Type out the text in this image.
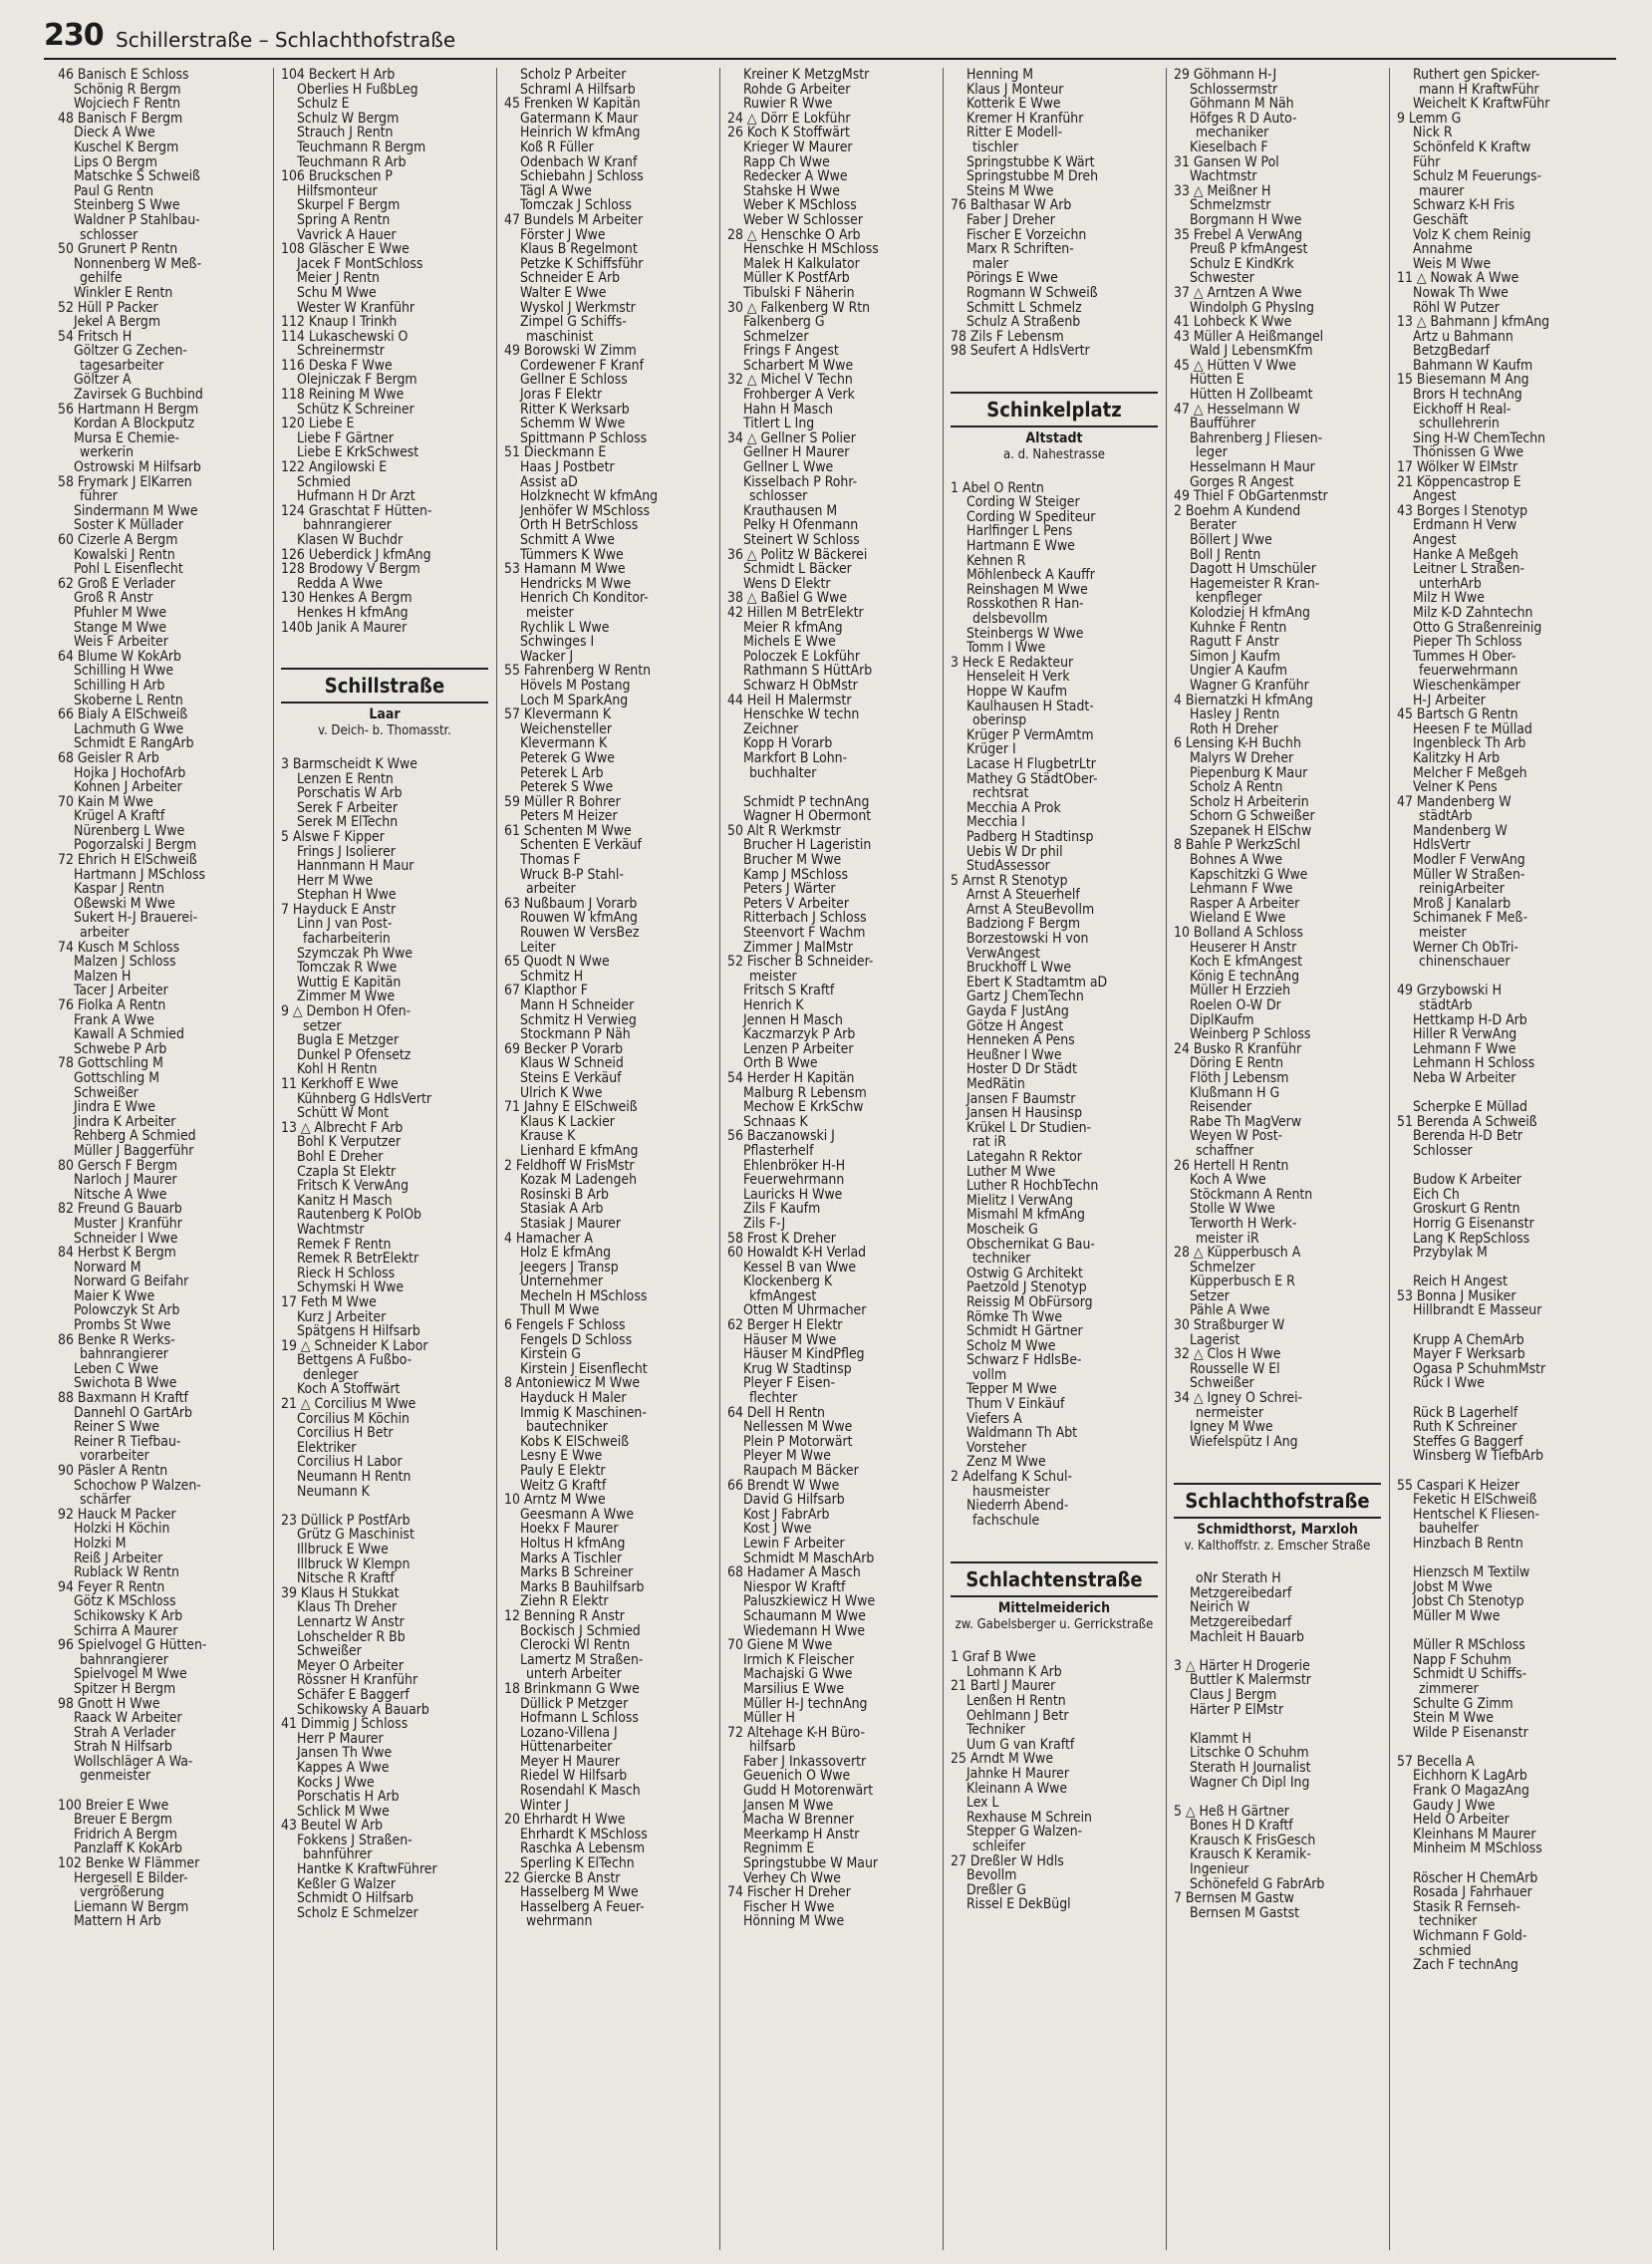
230 Schillerstraße – Schlachthofstraße
46 Banisch E Schloss
Schönig R Bergm
Wojciech F Rentn
48 Banisch F Bergm
Dieck A Wwe
Kuschel K Bergm
Lips O Bergm
Matschke S Schweiß
Paul G Rentn
Steinberg S Wwe
Waldner P Stahlbau-
schlosser
50 Grunert P Rentn
Nonnenberg W Meß-
gehilfe
Winkler E Rentn
52 Hüll P Packer
Jekel A Bergm
54 Fritsch H
Göltzer G Zechen-
tagesarbeiter
Göltzer A
Zavirsek G Buchbind
56 Hartmann H Bergm
Kordan A Blockputz
Mursa E Chemie-
werkerin
Ostrowski M Hilfsarb
58 Frymark J ElKarren
führer
Sindermann M Wwe
Soster K Müllader
60 Cizerle A Bergm
Kowalski J Rentn
Pohl L Eisenflecht
62 Groß E Verlader
Groß R Anstr
Pfuhler M Wwe
Stange M Wwe
Weis F Arbeiter
64 Blume W KokArb
Schilling H Wwe
Schilling H Arb
Skoberne L Rentn
66 Bialy A ElSchweiß
Lachmuth G Wwe
Schmidt E RangArb
68 Geisler R Arb
Hojka J HochofArb
Kohnen J Arbeiter
70 Kain M Wwe
Krügel A Kraftf
Nürenberg L Wwe
Pogorzalski J Bergm
72 Ehrich H ElSchweiß
Hartmann J MSchloss
Kaspar J Rentn
Oßewski M Wwe
Sukert H-J Brauerei-
arbeiter
74 Kusch M Schloss
Malzen J Schloss
Malzen H
Tacer J Arbeiter
76 Fiolka A Rentn
Frank A Wwe
Kawall A Schmied
Schwebe P Arb
78 Gottschling M
Gottschling M
Schweißer
Jindra E Wwe
Jindra K Arbeiter
Rehberg A Schmied
Müller J Baggerführ
80 Gersch F Bergm
Narloch J Maurer
Nitsche A Wwe
82 Freund G Bauarb
Muster J Kranführ
Schneider I Wwe
84 Herbst K Bergm
Norward M
Norward G Beifahr
Maier K Wwe
Polowczyk St Arb
Prombs St Wwe
86 Benke R Werks-
bahnrangierer
Leben C Wwe
Swichota B Wwe
88 Baxmann H Kraftf
Dannehl O GartArb
Reiner S Wwe
Reiner R Tiefbau-
vorarbeiter
90 Päsler A Rentn
Schochow P Walzen-
schärfer
92 Hauck M Packer
Holzki H Köchin
Holzki M
Reiß J Arbeiter
Rublack W Rentn
94 Feyer R Rentn
Götz K MSchloss
Schikowsky K Arb
Schirra A Maurer
96 Spielvogel G Hütten-
bahnrangierer
Spielvogel M Wwe
Spitzer H Bergm
98 Gnott H Wwe
Raack W Arbeiter
Strah A Verlader
Strah N Hilfsarb
Wollschläger A Wa-
genmeister
100 Breier E Wwe
Breuer E Bergm
Fridrich A Bergm
Panzlaff K KokArb
102 Benke W Flämmer
Hergesell E Bilder-
vergrößerung
Liemann W Bergm
Mattern H Arb
104 Beckert H Arb
Oberlies H FußbLeg
Schulz E
Schulz W Bergm
Strauch J Rentn
Teuchmann R Bergm
Teuchmann R Arb
106 Bruckschen P
Hilfsmonteur
Skurpel F Bergm
Spring A Rentn
Vavrick A Hauer
108 Gläscher E Wwe
Jacek F MontSchloss
Meier J Rentn
Schu M Wwe
Wester W Kranführ
112 Knaup I Trinkh
114 Lukaschewski O
Schreinermstr
116 Deska F Wwe
Olejniczak F Bergm
118 Reining M Wwe
Schütz K Schreiner
120 Liebe E
Liebe F Gärtner
Liebe E KrkSchwest
122 Angilowski E
Schmied
Hufmann H Dr Arzt
124 Graschtat F Hütten-
bahnrangierer
Klasen W Buchdr
126 Ueberdick J kfmAng
128 Brodowy V Bergm
Redda A Wwe
130 Henkes A Bergm
Henkes H kfmAng
140b Janik A Maurer
Schillstraße
Laar
v. Deich- b. Thomasstr.
3 Barmscheidt K Wwe
Lenzen E Rentn
Porschatis W Arb
Serek F Arbeiter
Serek M ElTechn
5 Alswe F Kipper
Frings J Isolierer
Hannmann H Maur
Herr M Wwe
Stephan H Wwe
7 Hayduck E Anstr
Linn J van Post-
facharbeiterin
Szymczak Ph Wwe
Tomczak R Wwe
Wuttig E Kapitän
Zimmer M Wwe
9 △ Dembon H Ofen-
setzer
Bugla E Metzger
Dunkel P Ofensetz
Kohl H Rentn
11 Kerkhoff E Wwe
Kühnberg G HdlsVertr
Schütt W Mont
13 △ Albrecht F Arb
Bohl K Verputzer
Bohl E Dreher
Czapla St Elektr
Fritsch K VerwAng
Kanitz H Masch
Rautenberg K PolOb
Wachtmstr
Remek F Rentn
Remek R BetrElektr
Rieck H Schloss
Schymski H Wwe
17 Feth M Wwe
Kurz J Arbeiter
Spätgens H Hilfsarb
19 △ Schneider K Labor
Bettgens A Fußbo-
denleger
Koch A Stoffwärt
21 △ Corcilius M Wwe
Corcilius M Köchin
Corcilius H Betr
Elektriker
Corcilius H Labor
Neumann H Rentn
Neumann K
23 Düllick P PostfArb
Grütz G Maschinist
Illbruck E Wwe
Illbruck W Klempn
Nitsche R Kraftf
39 Klaus H Stukkat
Klaus Th Dreher
Lennartz W Anstr
Lohschelder R Bb
Schweißer
Meyer O Arbeiter
Rössner H Kranführ
Schäfer E Baggerf
Schikowsky A Bauarb
41 Dimmig J Schloss
Herr P Maurer
Jansen Th Wwe
Kappes A Wwe
Kocks J Wwe
Porschatis H Arb
Schlick M Wwe
43 Beutel W Arb
Fokkens J Straßen-
bahnführer
Hantke K KraftwFührer
Keßler G Walzer
Schmidt O Hilfsarb
Scholz E Schmelzer
Scholz P Arbeiter
Schraml A Hilfsarb
45 Frenken W Kapitän
Gatermann K Maur
Heinrich W kfmAng
Koß R Füller
Odenbach W Kranf
Schiebahn J Schloss
Tägl A Wwe
Tomczak J Schloss
47 Bundels M Arbeiter
Förster J Wwe
Klaus B Regelmont
Petzke K Schiffsführ
Schneider E Arb
Walter E Wwe
Wyskol J Werkmstr
Zimpel G Schiffs-
maschinist
49 Borowski W Zimm
Cordewener F Kranf
Gellner E Schloss
Joras F Elektr
Ritter K Werksarb
Schemm W Wwe
Spittmann P Schloss
51 Dieckmann E
Haas J Postbetr
Assist aD
Holzknecht W kfmAng
Jenhöfer W MSchloss
Orth H BetrSchloss
Schmitt A Wwe
Tümmers K Wwe
53 Hamann M Wwe
Hendricks M Wwe
Henrich Ch Konditor-
meister
Rychlik L Wwe
Schwinges I
Wacker J
55 Fahrenberg W Rentn
Hövels M Postang
Loch M SparkAng
57 Klevermann K
Weichensteller
Klevermann K
Peterek G Wwe
Peterek L Arb
Peterek S Wwe
59 Müller R Bohrer
Peters M Heizer
61 Schenten M Wwe
Schenten E Verkäuf
Thomas F
Wruck B-P Stahl-
arbeiter
63 Nußbaum J Vorarb
Rouwen W kfmAng
Rouwen W VersBez
Leiter
65 Quodt N Wwe
Schmitz H
67 Klapthor F
Mann H Schneider
Schmitz H Verwieg
Stockmann P Näh
69 Becker P Vorarb
Klaus W Schneid
Steins E Verkäuf
Ulrich K Wwe
71 Jahny E ElSchweiß
Klaus K Lackier
Krause K
Lienhard E kfmAng
2 Feldhoff W FrisMstr
Kozak M Ladengeh
Rosinski B Arb
Stasiak A Arb
Stasiak J Maurer
4 Hamacher A
Holz E kfmAng
Jeegers J Transp
Unternehmer
Mecheln H MSchloss
Thull M Wwe
6 Fengels F Schloss
Fengels D Schloss
Kirstein G
Kirstein J Eisenflecht
8 Antoniewicz M Wwe
Hayduck H Maler
Immig K Maschinen-
bautechniker
Kobs K ElSchweiß
Lesny E Wwe
Pauly E Elektr
Weitz G Kraftf
10 Arntz M Wwe
Geesmann A Wwe
Hoekx F Maurer
Holtus H kfmAng
Marks A Tischler
Marks B Schreiner
Marks B Bauhilfsarb
Ziehn R Elektr
12 Benning R Anstr
Bockisch J Schmied
Clerocki Wl Rentn
Lamertz M Straßen-
unterh Arbeiter
18 Brinkmann G Wwe
Düllick P Metzger
Hofmann L Schloss
Lozano-Villena J
Hüttenarbeiter
Meyer H Maurer
Riedel W Hilfsarb
Rosendahl K Masch
Winter J
20 Ehrhardt H Wwe
Ehrhardt K MSchloss
Raschka A Lebensm
Sperling K ElTechn
22 Giercke B Anstr
Hasselberg M Wwe
Hasselberg A Feuer-
wehrmann
Kreiner K MetzgMstr
Rohde G Arbeiter
Ruwier R Wwe
24 △ Dörr E Lokführ
26 Koch K Stoffwärt
Krieger W Maurer
Rapp Ch Wwe
Redecker A Wwe
Stahske H Wwe
Weber K MSchloss
Weber W Schlosser
28 △ Henschke O Arb
Henschke H MSchloss
Malek H Kalkulator
Müller K PostfArb
Tibulski F Näherin
30 △ Falkenberg W Rtn
Falkenberg G
Schmelzer
Frings F Angest
Scharbert M Wwe
32 △ Michel V Techn
Frohberger A Verk
Hahn H Masch
Titlert L Ing
34 △ Gellner S Polier
Gellner H Maurer
Gellner L Wwe
Kisselbach P Rohr-
schlosser
Krauthausen M
Pelky H Ofenmann
Steinert W Schloss
36 △ Politz W Bäckerei
Schmidt L Bäcker
Wens D Elektr
38 △ Baßiel G Wwe
42 Hillen M BetrElektr
Meier R kfmAng
Michels E Wwe
Poloczek E Lokführ
Rathmann S HüttArb
Schwarz H ObMstr
44 Heil H Malermstr
Henschke W techn
Zeichner
Kopp H Vorarb
Markfort B Lohn-
buchhalter
Schmidt P technAng
Wagner H Obermont
50 Alt R Werkmstr
Brucher H Lageristin
Brucher M Wwe
Kamp J MSchloss
Peters J Wärter
Peters V Arbeiter
Ritterbach J Schloss
Steenvort F Wachm
Zimmer J MalMstr
52 Fischer B Schneider-
meister
Fritsch S Kraftf
Henrich K
Jennen H Masch
Kaczmarzyk P Arb
Lenzen P Arbeiter
Orth B Wwe
54 Herder H Kapitän
Malburg R Lebensm
Mechow E KrkSchw
Schnaas K
56 Baczanowski J
Pflasterhelf
Ehlenbröker H-H
Feuerwehrmann
Lauricks H Wwe
Zils F Kaufm
Zils F-J
58 Frost K Dreher
60 Howaldt K-H Verlad
Kessel B van Wwe
Klockenberg K
kfmAngest
Otten M Uhrmacher
62 Berger H Elektr
Häuser M Wwe
Häuser M KindPfleg
Krug W Stadtinsp
Pleyer F Eisen-
flechter
64 Dell H Rentn
Nellessen M Wwe
Plein P Motorwärt
Pleyer M Wwe
Raupach M Bäcker
66 Brendt W Wwe
David G Hilfsarb
Kost J FabrArb
Kost J Wwe
Lewin F Arbeiter
Schmidt M MaschArb
68 Hadamer A Masch
Niespor W Kraftf
Paluszkiewicz H Wwe
Schaumann M Wwe
Wiedemann H Wwe
70 Giene M Wwe
Irmich K Fleischer
Machajski G Wwe
Marsilius E Wwe
Müller H-J technAng
Müller H
72 Altehage K-H Büro-
hilfsarb
Faber J Inkassovertr
Geuenich O Wwe
Gudd H Motorenwärt
Jansen M Wwe
Macha W Brenner
Meerkamp H Anstr
Regnimm E
Springstubbe W Maur
Verhey Ch Wwe
74 Fischer H Dreher
Fischer H Wwe
Hönning M Wwe
Henning M
Klaus J Monteur
Kotterik E Wwe
Kremer H Kranführ
Ritter E Modell-
tischler
Springstubbe K Wärt
Springstubbe M Dreh
Steins M Wwe
76 Balthasar W Arb
Faber J Dreher
Fischer E Vorzeichn
Marx R Schriften-
maler
Pörings E Wwe
Rogmann W Schweiß
Schmitt L Schmelz
Schulz A Straßenb
78 Zils F Lebensm
98 Seufert A HdlsVertr
Schinkelplatz
Altstadt
a. d. Nahestrasse
1 Abel O Rentn
Cording W Steiger
Cording W Spediteur
Harlfinger L Pens
Hartmann E Wwe
Kehnen R
Möhlenbeck A Kauffr
Reinshagen M Wwe
Rosskothen R Han-
delsbevollm
Steinbergs W Wwe
Tomm I Wwe
3 Heck E Redakteur
Henseleit H Verk
Hoppe W Kaufm
Kaulhausen H Stadt-
oberinsp
Krüger P VermAmtm
Krüger I
Lacase H FlugbetrLtr
Mathey G StädtOber-
rechtsrat
Mecchia A Prok
Mecchia I
Padberg H Stadtinsp
Uebis W Dr phil
StudAssessor
5 Arnst R Stenotyp
Arnst A Steuerhelf
Arnst A SteuBevollm
Badziong F Bergm
Borzestowski H von
VerwAngest
Bruckhoff L Wwe
Ebert K Stadtamtm aD
Gartz J ChemTechn
Gayda F JustAng
Götze H Angest
Henneken A Pens
Heußner I Wwe
Hoster D Dr Städt
MedRätin
Jansen F Baumstr
Jansen H Hausinsp
Krükel L Dr Studien-
rat iR
Lategahn R Rektor
Luther M Wwe
Luther R HochbTechn
Mielitz I VerwAng
Mismahl M kfmAng
Moscheik G
Obschernikat G Bau-
techniker
Ostwig G Architekt
Paetzold J Stenotyp
Reissig M ObFürsorg
Römke Th Wwe
Schmidt H Gärtner
Scholz M Wwe
Schwarz F HdlsBe-
vollm
Tepper M Wwe
Thum V Einkäuf
Viefers A
Waldmann Th Abt
Vorsteher
Zenz M Wwe
2 Adelfang K Schul-
hausmeister
Niederrh Abend-
fachschule
Schlachtenstraße
Mittelmeiderich
zw. Gabelsberger u. Gerrickstraße
1 Graf B Wwe
Lohmann K Arb
21 Bartl J Maurer
Lenßen H Rentn
Oehlmann J Betr
Techniker
Uum G van Kraftf
25 Arndt M Wwe
Jahnke H Maurer
Kleinann A Wwe
Lex L
Rexhause M Schrein
Stepper G Walzen-
schleifer
27 Dreßler W Hdls
Bevollm
Dreßler G
Rissel E DekBügl
29 Göhmann H-J
Schlossermstr
Göhmann M Näh
Höfges R D Auto-
mechaniker
Kieselbach F
31 Gansen W Pol
Wachtmstr
33 △ Meißner H
Schmelzmstr
Borgmann H Wwe
35 Frebel A VerwAng
Preuß P kfmAngest
Schulz E KindKrk
Schwester
37 △ Arntzen A Wwe
Windolph G PhysIng
41 Lohbeck K Wwe
43 Müller A Heißmangel
Wald J LebensmKfm
45 △ Hütten V Wwe
Hütten E
Hütten H Zollbeamt
47 △ Hesselmann W
Baufführer
Bahrenberg J Fliesen-
leger
Hesselmann H Maur
Gorges R Angest
49 Thiel F ObGartenmstr
2 Boehm A Kundend
Berater
Böllert J Wwe
Boll J Rentn
Dagott H Umschüler
Hagemeister R Kran-
kenpfleger
Kolodziej H kfmAng
Kuhnke F Rentn
Ragutt F Anstr
Simon J Kaufm
Ungier A Kaufm
Wagner G Kranführ
4 Biernatzki H kfmAng
Hasley J Rentn
Roth H Dreher
6 Lensing K-H Buchh
Malyrs W Dreher
Piepenburg K Maur
Scholz A Rentn
Scholz H Arbeiterin
Schorn G Schweißer
Szepanek H ElSchw
8 Bahle P WerkzSchl
Bohnes A Wwe
Kapschitzki G Wwe
Lehmann F Wwe
Rasper A Arbeiter
Wieland E Wwe
10 Bolland A Schloss
Heuserer H Anstr
Koch E kfmAngest
König E technAng
Müller H Erzzieh
Roelen O-W Dr
DiplKaufm
Weinberg P Schloss
24 Busko R Kranführ
Döring E Rentn
Flöth J Lebensm
Klußmann H G
Reisender
Rabe Th MagVerw
Weyen W Post-
schaffner
26 Hertell H Rentn
Koch A Wwe
Stöckmann A Rentn
Stolle W Wwe
Terworth H Werk-
meister iR
28 △ Küpperbusch A
Schmelzer
Küpperbusch E R
Setzer
Pähle A Wwe
30 Straßburger W
Lagerist
32 △ Clos H Wwe
Rousselle W El
Schweißer
34 △ Igney O Schrei-
nermeister
Igney M Wwe
Wiefelspütz I Ang
Schlachthofstraße
Schmidthorst, Marxloh
v. Kalthoffstr. z. Emscher Straße
oNr Sterath H
Metzgereibedarf
Neirich W
Metzgereibedarf
Machleit H Bauarb
3 △ Härter H Drogerie
Buttler K Malermstr
Claus J Bergm
Härter P ElMstr
Klammt H
Litschke O Schuhm
Sterath H Journalist
Wagner Ch Dipl Ing
5 △ Heß H Gärtner
Bones H D Kraftf
Krausch K FrisGesch
Krausch K Keramik-
Ingenieur
Schönefeld G FabrArb
7 Bernsen M Gastw
Bernsen M Gastst
Ruthert gen Spicker-
mann H KraftwFühr
Weichelt K KraftwFühr
9 Lemm G
Nick R
Schönfeld K Kraftw
Führ
Schulz M Feuerungs-
maurer
Schwarz K-H Fris
Geschäft
Volz K chem Reinig
Annahme
Weis M Wwe
11 △ Nowak A Wwe
Nowak Th Wwe
Röhl W Putzer
13 △ Bahmann J kfmAng
Artz u Bahmann
BetzgBedarf
Bahmann W Kaufm
15 Biesemann M Ang
Brors H technAng
Eickhoff H Real-
schullehrerin
Sing H-W ChemTechn
Thönissen G Wwe
17 Wölker W ElMstr
21 Köppencastrop E
Angest
43 Borges I Stenotyp
Erdmann H Verw
Angest
Hanke A Meßgeh
Leitner L Straßen-
unterhArb
Milz H Wwe
Milz K-D Zahntechn
Otto G Straßenreinig
Pieper Th Schloss
Tummes H Ober-
feuerwehrmann
Wieschenkämper
H-J Arbeiter
45 Bartsch G Rentn
Heesen F te Müllad
Ingenbleck Th Arb
Kalitzky H Arb
Melcher F Meßgeh
Velner K Pens
47 Mandenberg W
städtArb
Mandenberg W
HdlsVertr
Modler F VerwAng
Müller W Straßen-
reinigArbeiter
Mroß J Kanalarb
Schimanek F Meß-
meister
Werner Ch ObTri-
chinenschauer
49 Grzybowski H
städtArb
Hettkamp H-D Arb
Hiller R VerwAng
Lehmann F Wwe
Lehmann H Schloss
Neba W Arbeiter
Scherpke E Müllad
51 Berenda A Schweiß
Berenda H-D Betr
Schlosser
Budow K Arbeiter
Eich Ch
Groskurt G Rentn
Horrig G Eisenanstr
Lang K RepSchloss
Przybylak M
Reich H Angest
53 Bonna J Musiker
Hillbrandt E Masseur
Krupp A ChemArb
Mayer F Werksarb
Ogasa P SchuhmMstr
Rück I Wwe
Rück B Lagerhelf
Ruth K Schreiner
Steffes G Baggerf
Winsberg W TiefbArb
55 Caspari K Heizer
Feketic H ElSchweiß
Hentschel K Fliesen-
bauhelfer
Hinzbach B Rentn
Hienzsch M Textilw
Jobst M Wwe
Jobst Ch Stenotyp
Müller M Wwe
Müller R MSchloss
Napp F Schuhm
Schmidt U Schiffs-
zimmerer
Schulte G Zimm
Stein M Wwe
Wilde P Eisenanstr
57 Becella A
Eichhorn K LagArb
Frank O MagazAng
Gaudy J Wwe
Held O Arbeiter
Kleinhans M Maurer
Minheim M MSchloss
Röscher H ChemArb
Rosada J Fahrhauer
Stasik R Fernseh-
techniker
Wichmann F Gold-
schmied
Zach F technAng
